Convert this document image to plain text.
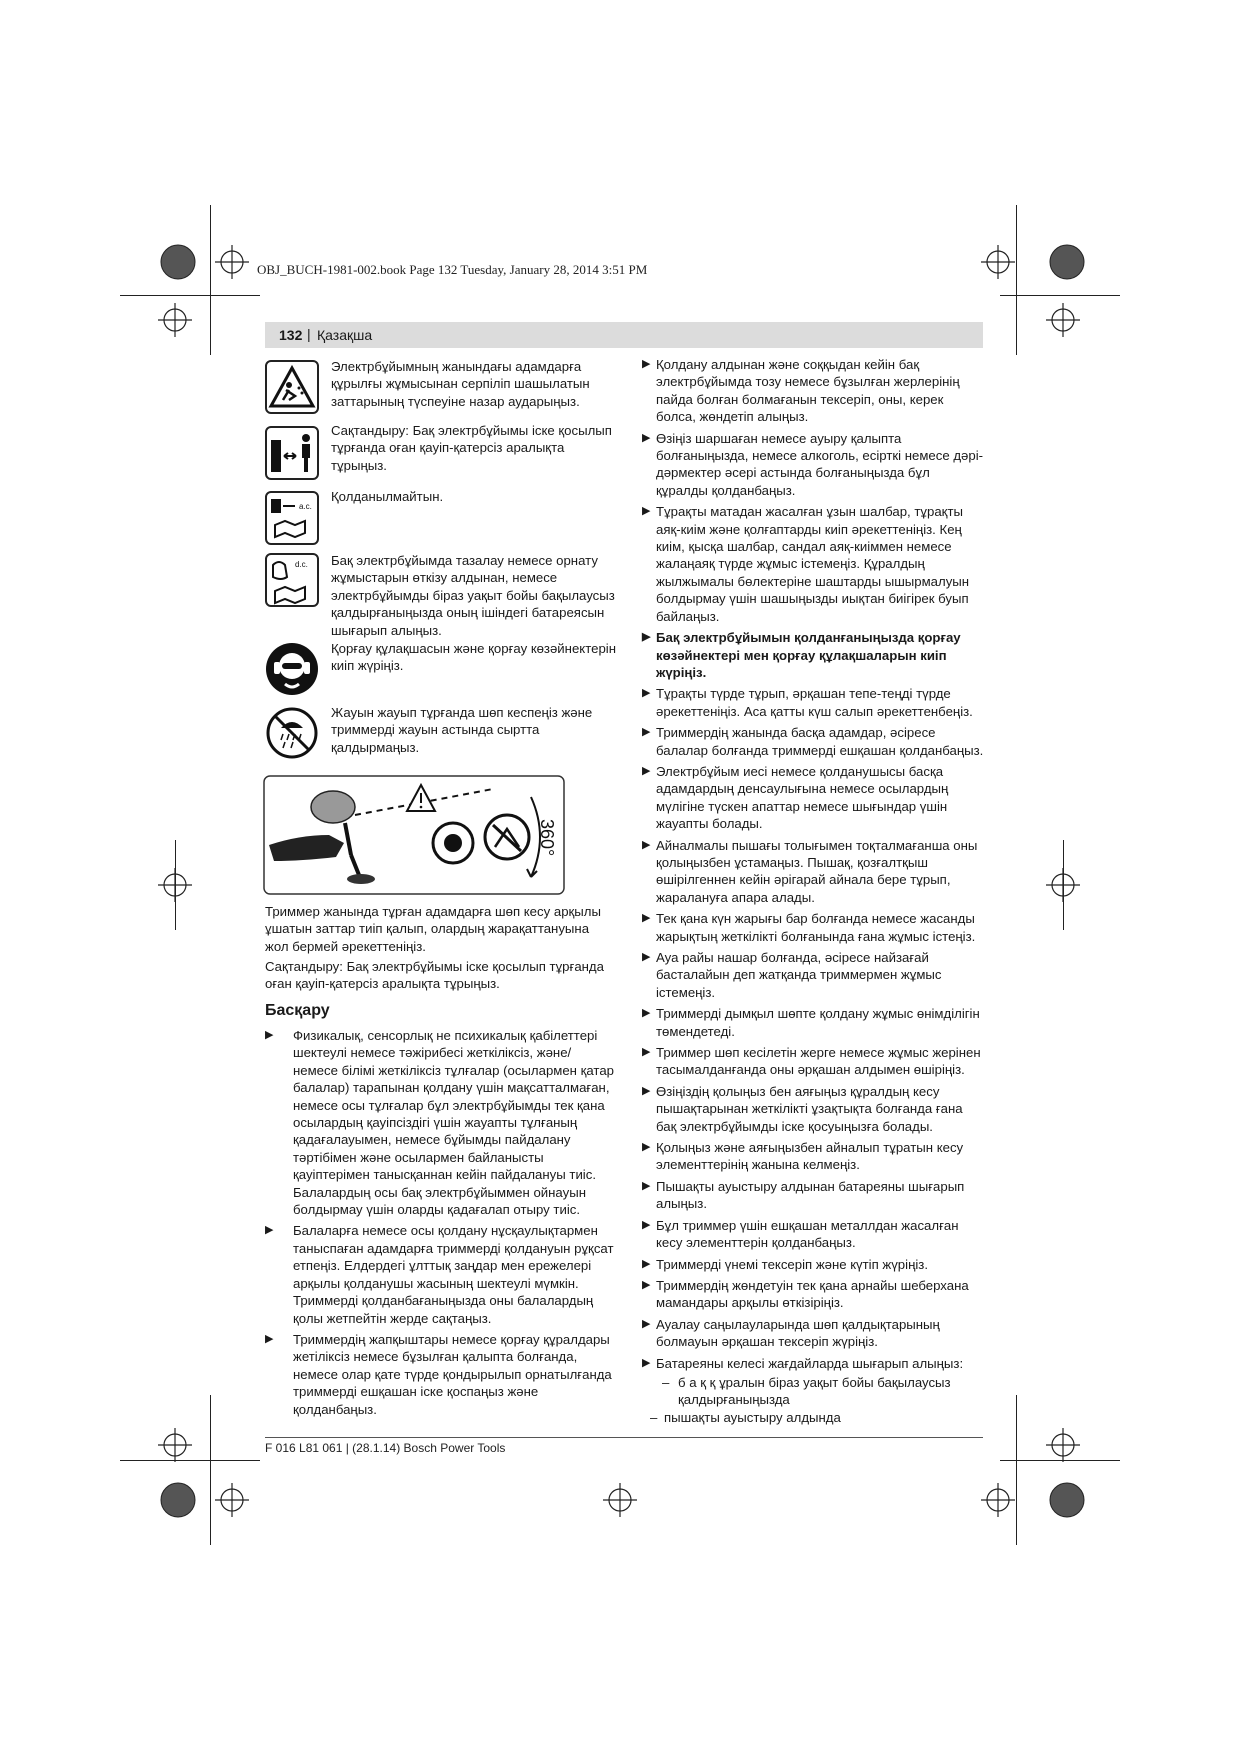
OBJ_BUCH-1981-002.book Page 132 Tuesday, January 28, 2014 3:51 PM
132 | Қазақша
Электрбұйымның жанындағы адамдарға құрылғы жұмысынан серпіліп шашылатын заттарының түспеуіне назар аударыңыз.
Сақтандыру: Бақ электрбұйымы іске қосылып тұрғанда оған қауіп-қатерсіз аралықта тұрыңыз.
a.c.
Қолданылмайтын.
d.c. Бақ электрбұйымда тазалау немесе орнату жұмыстарын өткізу алдынан, немесе электрбұйымды біраз уақыт бойы бақылаусыз қалдырғаныңызда оның ішіндегі батареясын шығарып алыңыз.
Қорғау құлақшасын және қорғау көзәйнектерін киіп жүріңіз.
Жауын жауып тұрғанда шөп кеспеңіз және триммерді жауын астында сыртта қалдырмаңыз.
360°
Триммер жанында тұрған адамдарға шөп кесу арқылы ұшатын заттар тиіп қалып, олардың жарақаттануына жол бермей әрекеттеніңіз.
Сақтандыру: Бақ электрбұйымы іске қосылып тұрғанда оған қауіп-қатерсіз аралықта тұрыңыз.
Басқару
▶	Физикалық, сенсорлық не психикалық қабілеттері шектеулі немесе тәжірибесі жеткіліксіз, және/немесе білімі жеткіліксіз тұлғалар (осылармен қатар балалар) тарапынан қолдану үшін мақсатталмаған, немесе осы тұлғалар бұл электрбұйымды тек қана осылардың қауіпсіздігі үшін жауапты тұлғаның қадағалауымен, немесе бұйымды пайдалану тәртібімен және осылармен байланысты қауіптерімен танысқаннан кейін пайдалануы тиіс.
Балалардың осы бақ электрбұйыммен ойнауын болдырмау үшін оларды қадағалап отыру тиіс.
▶	Балаларға немесе осы қолдану нұсқаулықтармен таныспаған адамдарға триммерді қолдануын рұқсат етпеңіз. Елдердегі ұлттық заңдар мен ережелері арқылы қолданушы жасының шектеулі мүмкін. Триммерді қолданбағаныңызда оны балалардың қолы жетпейтін жерде сақтаңыз.
▶	Триммердің жапқыштары немесе қорғау құралдары жетіліксіз немесе бұзылған қалыпта болғанда, немесе олар қате түрде қондырылып орнатылғанда триммерді ешқашан іске қоспаңыз және қолданбаңыз.
▶ Қолдану алдынан және соққыдан кейін бақ электрбұйымда тозу немесе бұзылған жерлерінің пайда болған болмағанын тексеріп, оны, керек болса, жөндетіп алыңыз.
▶ Өзіңіз шаршаған немесе ауыру қалыпта болғаныңызда, немесе алкоголь, есірткі немесе дәрі-дәрмектер әсері астында болғаныңызда бұл құралды қолданбаңыз.
▶ Тұрақты матадан жасалған ұзын шалбар, тұрақты аяқ-киім және қолғаптарды киіп әрекеттеніңіз. Кең киім, қысқа шалбар, сандал аяқ-киіммен немесе жалаңаяқ түрде жұмыс істемеңіз. Құралдың жылжымалы бөлектеріне шаштарды ышырмалуын болдырмау үшін шашыңызды иықтан биігірек буып байлаңыз.
▶ Бақ электрбұйымын қолданғаныңызда қорғау көзәйнектері мен қорғау құлақшаларын киіп жүріңіз.
▶ Тұрақты түрде тұрып, әрқашан тепе-теңді түрде әрекеттеніңіз. Аса қатты күш салып әрекеттенбеңіз.
▶ Триммердің жанында басқа адамдар, әсіресе балалар болғанда триммерді ешқашан қолданбаңыз.
▶ Электрбұйым иесі немесе қолданушысы басқа адамдардың денсаулығына немесе осылардың мүлігіне түскен апаттар немесе шығындар үшін жауапты болады.
▶ Айналмалы пышағы толығымен тоқталмағанша оны қолыңызбен ұстамаңыз. Пышақ, қозғалтқыш өшірілгеннен кейін әрігарай айнала бере тұрып, жаралануға апара алады.
▶ Тек қана күн жарығы бар болғанда немесе жасанды жарықтың жеткілікті болғанында ғана жұмыс істеңіз.
▶ Ауа райы нашар болғанда, әсіресе найзағай басталайын деп жатқанда триммермен жұмыс істемеңіз.
▶ Триммерді дымқыл шөпте қолдану жұмыс өнімділігін төмендетеді.
▶ Триммер шөп кесілетін жерге немесе жұмыс жерінен тасымалданғанда оны әрқашан алдымен өшіріңіз.
▶ Өзіңіздің қолыңыз бен аяғыңыз құралдың кесу пышақтарынан жеткілікті ұзақтықта болғанда ғана бақ электрбұйымды іске қосуыңызға болады.
▶ Қолыңыз және аяғыңызбен айналып тұратын кесу элементтерінің жанына келмеңіз.
▶ Пышақты ауыстыру алдынан батареяны шығарып алыңыз.
▶ Бұл триммер үшін ешқашан металлдан жасалған кесу элементтерін қолданбаңыз.
▶ Триммерді үнемі тексеріп және күтіп жүріңіз.
▶ Триммердің жөндетуін тек қана арнайы шеберхана мамандары арқылы өткізіріңіз.
▶ Ауалау саңылауларында шөп қалдықтарының болмауын әрқашан тексеріп жүріңіз.
▶ Батареяны келесі жағдайларда шығарып алыңыз:
– б а қ қ ұралын біраз уақыт бойы бақылаусыз қалдырғаныңызда
– пышақты ауыстыру алдында
F 016 L81 061 | (28.1.14) Bosch Power Tools
